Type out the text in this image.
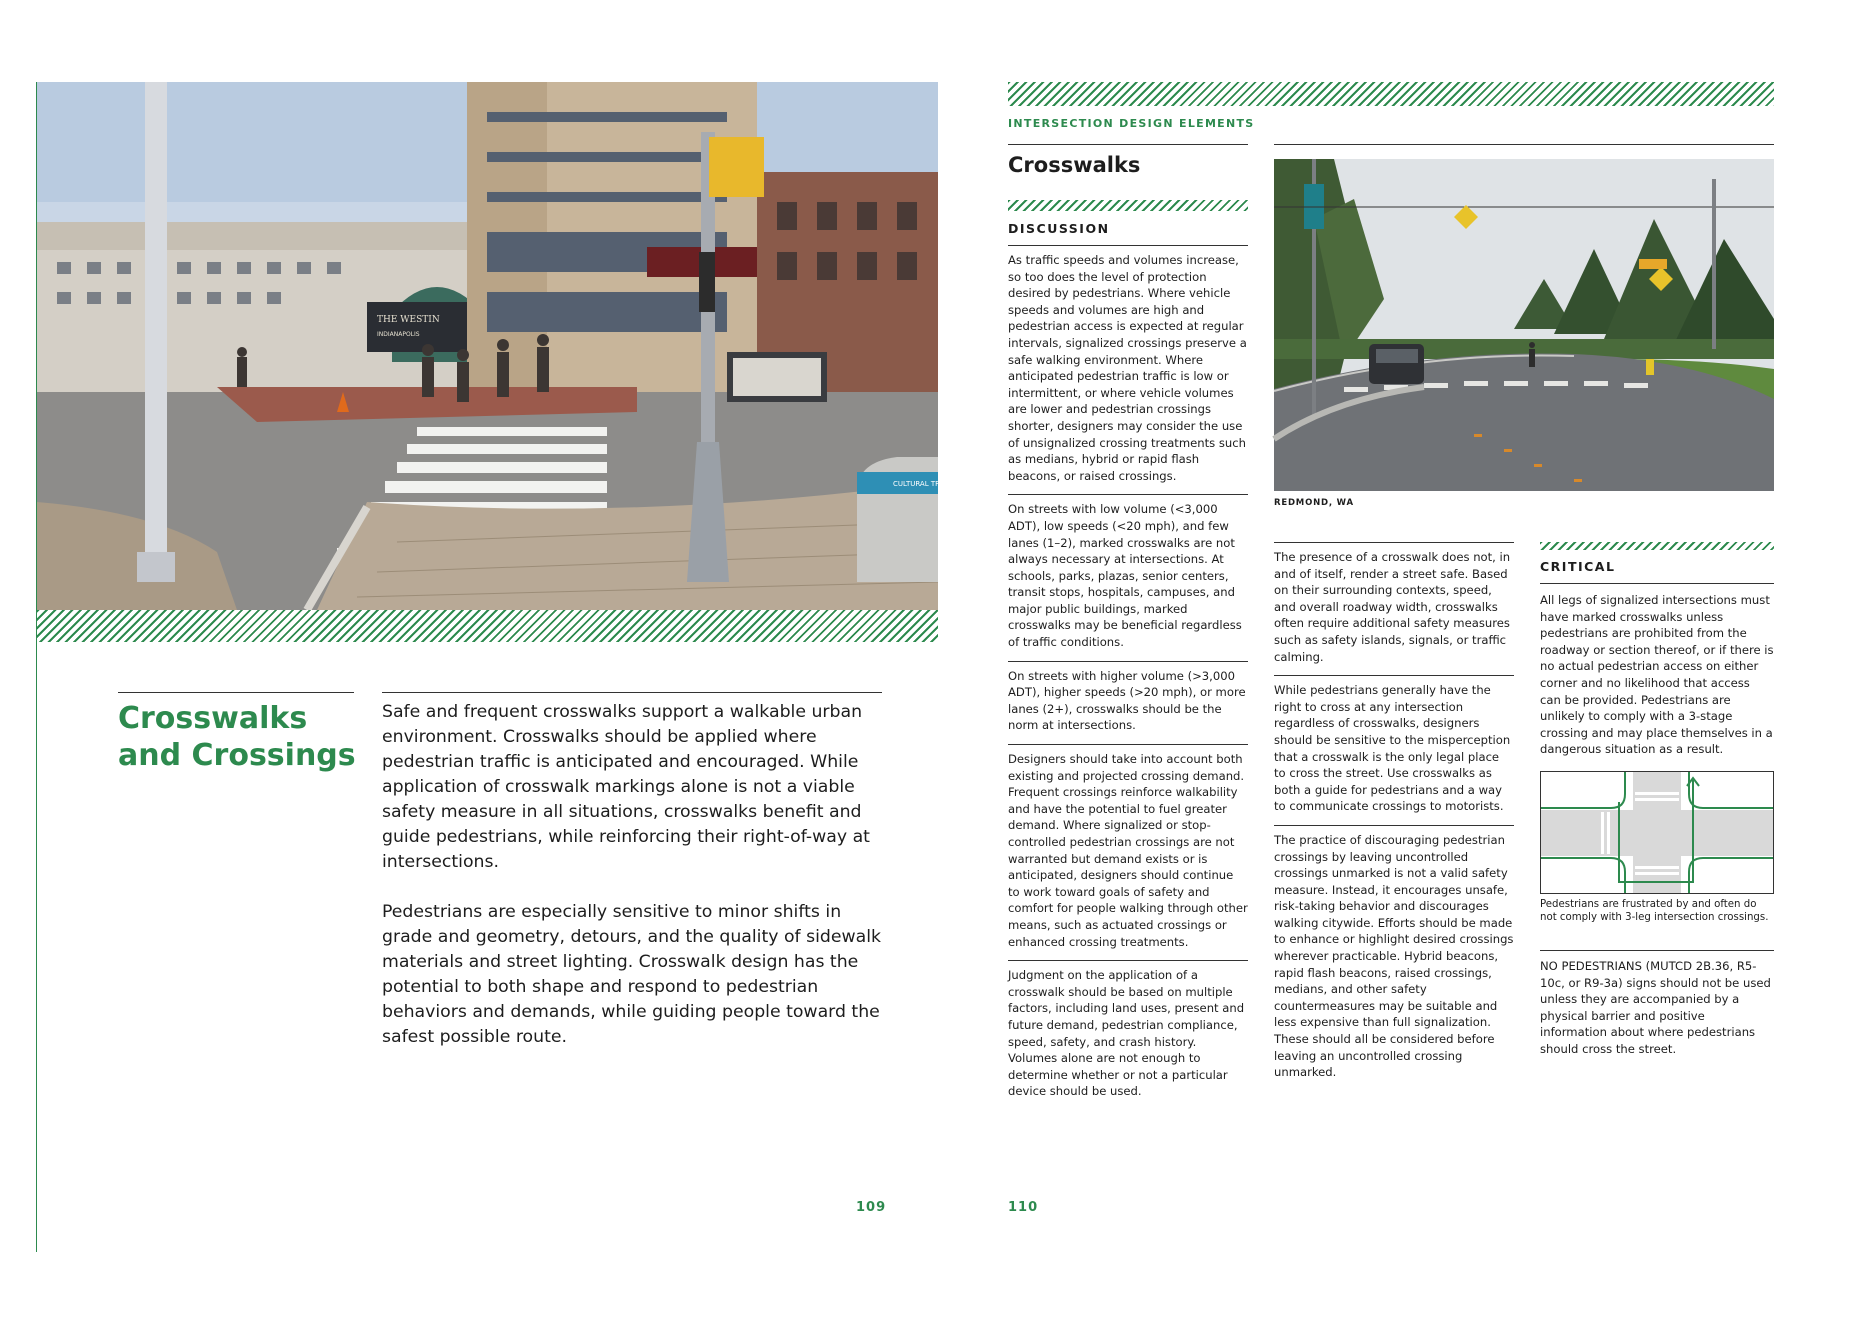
THE WESTIN
INDIANAPOLIS
CULTURAL TRAIL
Crosswalks and Crossings

Safe and frequent crosswalks support a walkable urban environment. Crosswalks should be applied where pedestrian traffic is anticipated and encouraged. While application of crosswalk markings alone is not a viable safety measure in all situations, crosswalks benefit and guide pedestrians, while reinforcing their right-of-way at intersections.

Pedestrians are especially sensitive to minor shifts in grade and geometry, detours, and the quality of sidewalk materials and street lighting. Crosswalk design has the potential to both shape and respond to pedestrian behaviors and demands, while guiding people toward the safest possible route.

109
INTERSECTION DESIGN ELEMENTS
Crosswalks
DISCUSSION
As traffic speeds and volumes increase, so too does the level of protection desired by pedestrians. Where vehicle speeds and volumes are high and pedestrian access is expected at regular intervals, signalized crossings preserve a safe walking environment. Where anticipated pedestrian traffic is low or intermittent, or where vehicle volumes are lower and pedestrian crossings shorter, designers may consider the use of unsignalized crossing treatments such as medians, hybrid or rapid flash beacons, or raised crossings.
On streets with low volume (<3,000 ADT), low speeds (<20 mph), and few lanes (1–2), marked crosswalks are not always necessary at intersections. At schools, parks, plazas, senior centers, transit stops, hospitals, campuses, and major public buildings, marked crosswalks may be beneficial regardless of traffic conditions.
On streets with higher volume (>3,000 ADT), higher speeds (>20 mph), or more lanes (2+), crosswalks should be the norm at intersections.
Designers should take into account both existing and projected crossing demand. Frequent crossings reinforce walkability and have the potential to fuel greater demand. Where signalized or stop-controlled pedestrian crossings are not warranted but demand exists or is anticipated, designers should continue to work toward goals of safety and comfort for people walking through other means, such as actuated crossings or enhanced crossing treatments.
Judgment on the application of a crosswalk should be based on multiple factors, including land uses, present and future demand, pedestrian compliance, speed, safety, and crash history. Volumes alone are not enough to determine whether or not a particular device should be used.
REDMOND, WA
The presence of a crosswalk does not, in and of itself, render a street safe. Based on their surrounding contexts, speed, and overall roadway width, crosswalks often require additional safety measures such as safety islands, signals, or traffic calming.
While pedestrians generally have the right to cross at any intersection regardless of crosswalks, designers should be sensitive to the misperception that a crosswalk is the only legal place to cross the street. Use crosswalks as both a guide for pedestrians and a way to communicate crossings to motorists.
The practice of discouraging pedestrian crossings by leaving uncontrolled crossings unmarked is not a valid safety measure. Instead, it encourages unsafe, risk-taking behavior and discourages walking citywide. Efforts should be made to enhance or highlight desired crossings wherever practicable. Hybrid beacons, rapid flash beacons, raised crossings, medians, and other safety countermeasures may be suitable and less expensive than full signalization. These should all be considered before leaving an uncontrolled crossing unmarked.
CRITICAL
All legs of signalized intersections must have marked crosswalks unless pedestrians are prohibited from the roadway or section thereof, or if there is no actual pedestrian access on either corner and no likelihood that access can be provided. Pedestrians are unlikely to comply with a 3-stage crossing and may place themselves in a dangerous situation as a result.
Pedestrians are frustrated by and often do not comply with 3-leg intersection crossings.
NO PEDESTRIANS (MUTCD 2B.36, R5-10c, or R9-3a) signs should not be used unless they are accompanied by a physical barrier and positive information about where pedestrians should cross the street.
110
